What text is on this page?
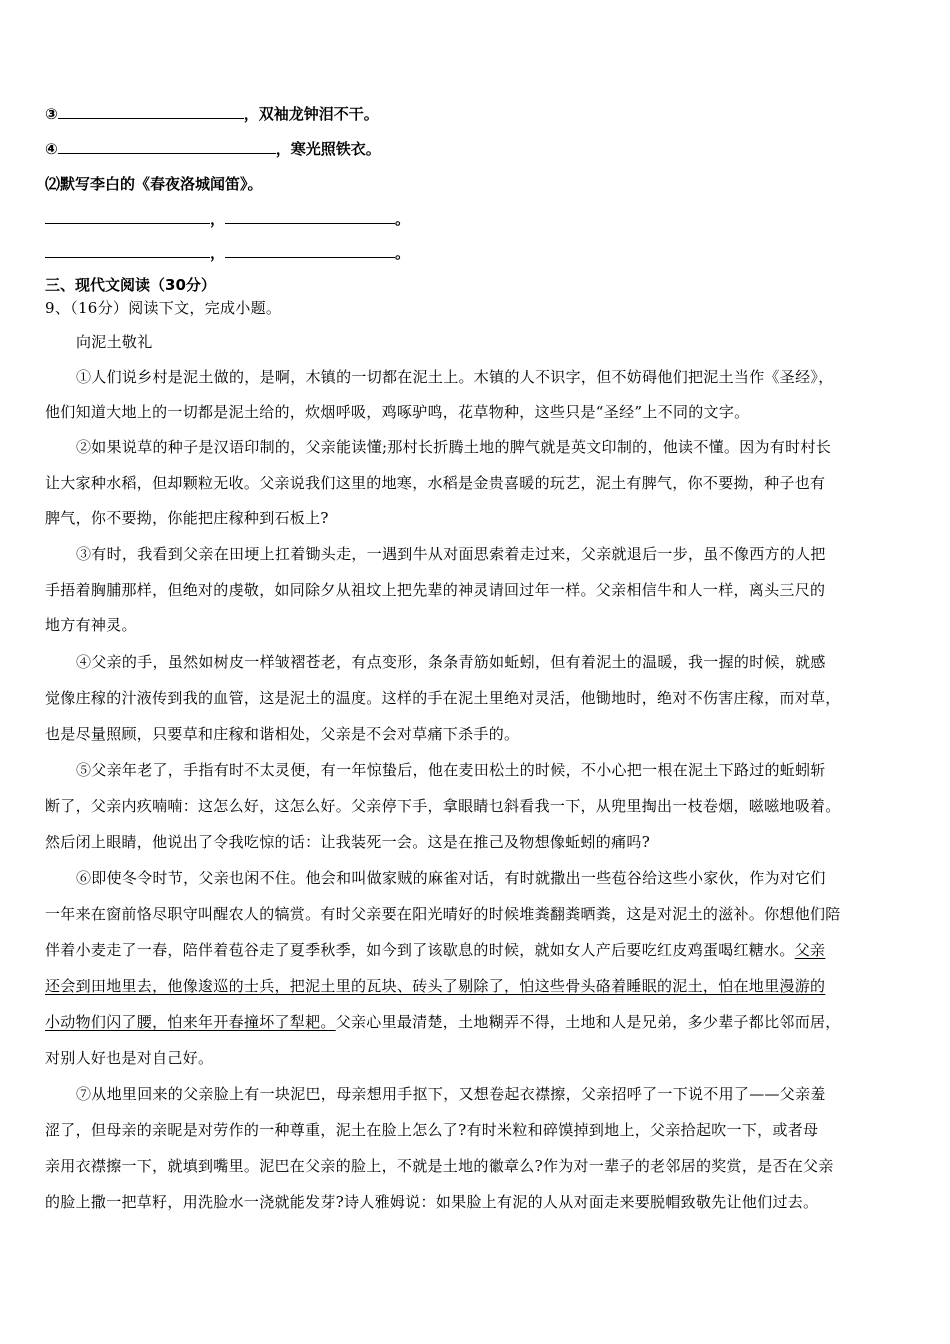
③	，双袖龙钟泪不干。
④	，寒光照铁衣。
⑵默写李白的《春夜洛城闻笛》。
，	。
，	。
三、现代文阅读（30分）
9、（16分）阅读下文，完成小题。
向泥土敬礼
①人们说乡村是泥土做的，是啊，木镇的一切都在泥土上。木镇的人不识字，但不妨碍他们把泥土当作《圣经》，
他们知道大地上的一切都是泥土给的，炊烟呼吸，鸡啄驴鸣，花草物种，这些只是“圣经”上不同的文字。
②如果说草的种子是汉语印制的，父亲能读懂;那村长折腾土地的脾气就是英文印制的，他读不懂。因为有时村长
让大家种水稻，但却颗粒无收。父亲说我们这里的地寒，水稻是金贵喜暖的玩艺，泥土有脾气，你不要拗，种子也有
脾气，你不要拗，你能把庄稼种到石板上?
③有时，我看到父亲在田埂上扛着锄头走，一遇到牛从对面思索着走过来，父亲就退后一步，虽不像西方的人把
手捂着胸脯那样，但绝对的虔敬，如同除夕从祖坟上把先辈的神灵请回过年一样。父亲相信牛和人一样，离头三尺的
地方有神灵。
④父亲的手，虽然如树皮一样皱褶苍老，有点变形，条条青筋如蚯蚓，但有着泥土的温暖，我一握的时候，就感
觉像庄稼的汁液传到我的血管，这是泥土的温度。这样的手在泥土里绝对灵活，他锄地时，绝对不伤害庄稼，而对草，
也是尽量照顾，只要草和庄稼和谐相处，父亲是不会对草痛下杀手的。
⑤父亲年老了，手指有时不太灵便，有一年惊蛰后，他在麦田松土的时候，不小心把一根在泥土下路过的蚯蚓斩
断了，父亲内疚喃喃：这怎么好，这怎么好。父亲停下手，拿眼睛乜斜看我一下，从兜里掏出一枝卷烟，嗞嗞地吸着。
然后闭上眼睛，他说出了令我吃惊的话：让我装死一会。这是在推己及物想像蚯蚓的痛吗?
⑥即使冬令时节，父亲也闲不住。他会和叫做家贼的麻雀对话，有时就撒出一些苞谷给这些小家伙，作为对它们
一年来在窗前恪尽职守叫醒农人的犒赏。有时父亲要在阳光晴好的时候堆粪翻粪晒粪，这是对泥土的滋补。你想他们陪
伴着小麦走了一春，陪伴着苞谷走了夏季秋季，如今到了该歇息的时候，就如女人产后要吃红皮鸡蛋喝红糖水。父亲
还会到田地里去，他像逡巡的士兵，把泥土里的瓦块、砖头了剔除了，怕这些骨头硌着睡眠的泥土，怕在地里漫游的
小动物们闪了腰，怕来年开春撞坏了犁耙。父亲心里最清楚，土地糊弄不得，土地和人是兄弟，多少辈子都比邻而居，
对别人好也是对自己好。
⑦从地里回来的父亲脸上有一块泥巴，母亲想用手抠下，又想卷起衣襟擦，父亲招呼了一下说不用了——父亲羞
涩了，但母亲的亲昵是对劳作的一种尊重，泥土在脸上怎么了?有时米粒和碎馍掉到地上，父亲拾起吹一下，或者母
亲用衣襟擦一下，就填到嘴里。泥巴在父亲的脸上，不就是土地的徽章么?作为对一辈子的老邻居的奖赏，是否在父亲
的脸上撒一把草籽，用洗脸水一浇就能发芽?诗人雅姆说：如果脸上有泥的人从对面走来要脱帽致敬先让他们过去。
